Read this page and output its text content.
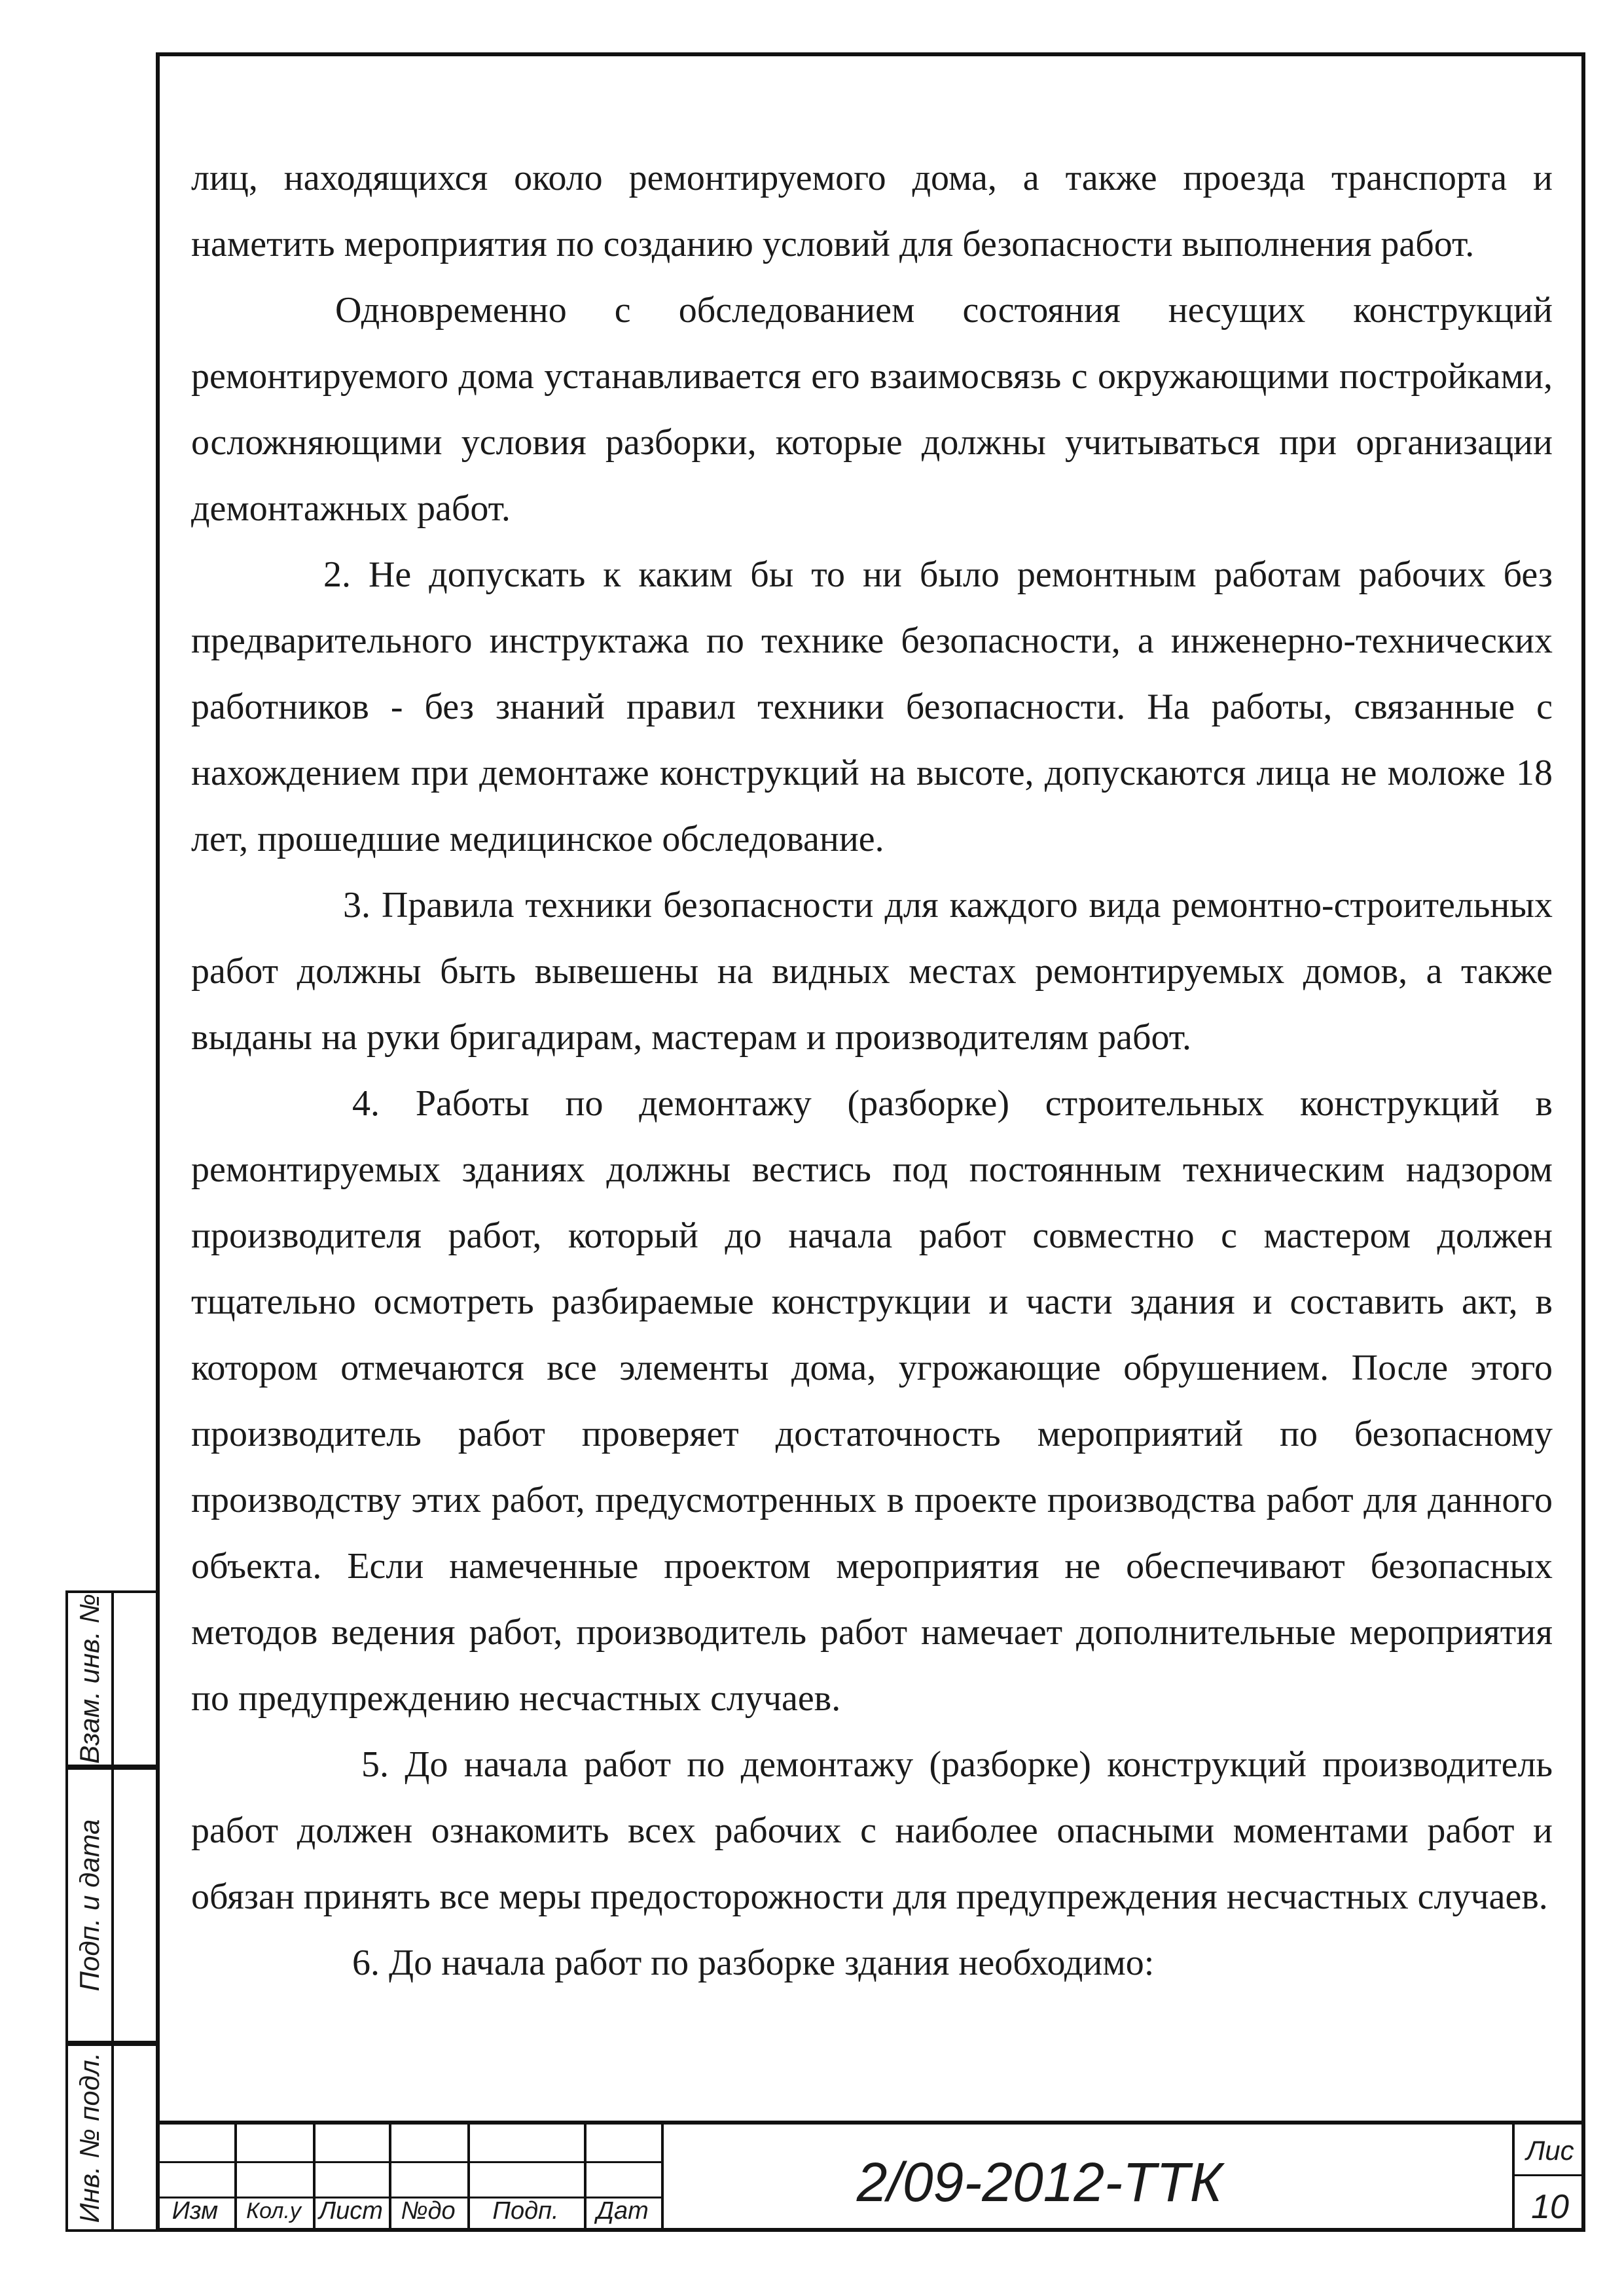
лиц, находящихся около ремонтируемого дома, а также проезда транспорта и наметить мероприятия по созданию условий для безопасности выполнения работ.

Одновременно с обследованием состояния несущих конструкций ремонтируемого дома устанавливается его взаимосвязь с окружающими постройками, осложняющими условия разборки, которые должны учитываться при организации демонтажных работ.

2. Не допускать к каким бы то ни было ремонтным работам рабочих без предварительного инструктажа по технике безопасности, а инженерно-технических работников - без знаний правил техники безопасности. На работы, связанные с нахождением при демонтаже конструкций на высоте, допускаются лица не моложе 18 лет, прошедшие медицинское обследование.

3. Правила техники безопасности для каждого вида ремонтно-строительных работ должны быть вывешены на видных местах ремонтируемых домов, а также выданы на руки бригадирам, мастерам и производителям работ.

4. Работы по демонтажу (разборке) строительных конструкций в ремонтируемых зданиях должны вестись под постоянным техническим надзором производителя работ, который до начала работ совместно с мастером должен тщательно осмотреть разбираемые конструкции и части здания и составить акт, в котором отмечаются все элементы дома, угрожающие обрушением. После этого производитель работ проверяет достаточность мероприятий по безопасному производству этих работ, предусмотренных в проекте производства работ для данного объекта. Если намеченные проектом мероприятия не обеспечивают безопасных методов ведения работ, производитель работ намечает дополнительные мероприятия по предупреждению несчастных случаев.

5. До начала работ по демонтажу (разборке) конструкций производитель работ должен ознакомить всех рабочих с наиболее опасными моментами работ и обязан принять все меры предосторожности для предупреждения несчастных случаев.

6. До начала работ по разборке здания необходимо:

Взам. инв. №
Подп. и дата
Инв. № подл.	Изм	Кол.у Лист №до	Подп.	Дат	2/09-2012-ТТК
Лис
10
